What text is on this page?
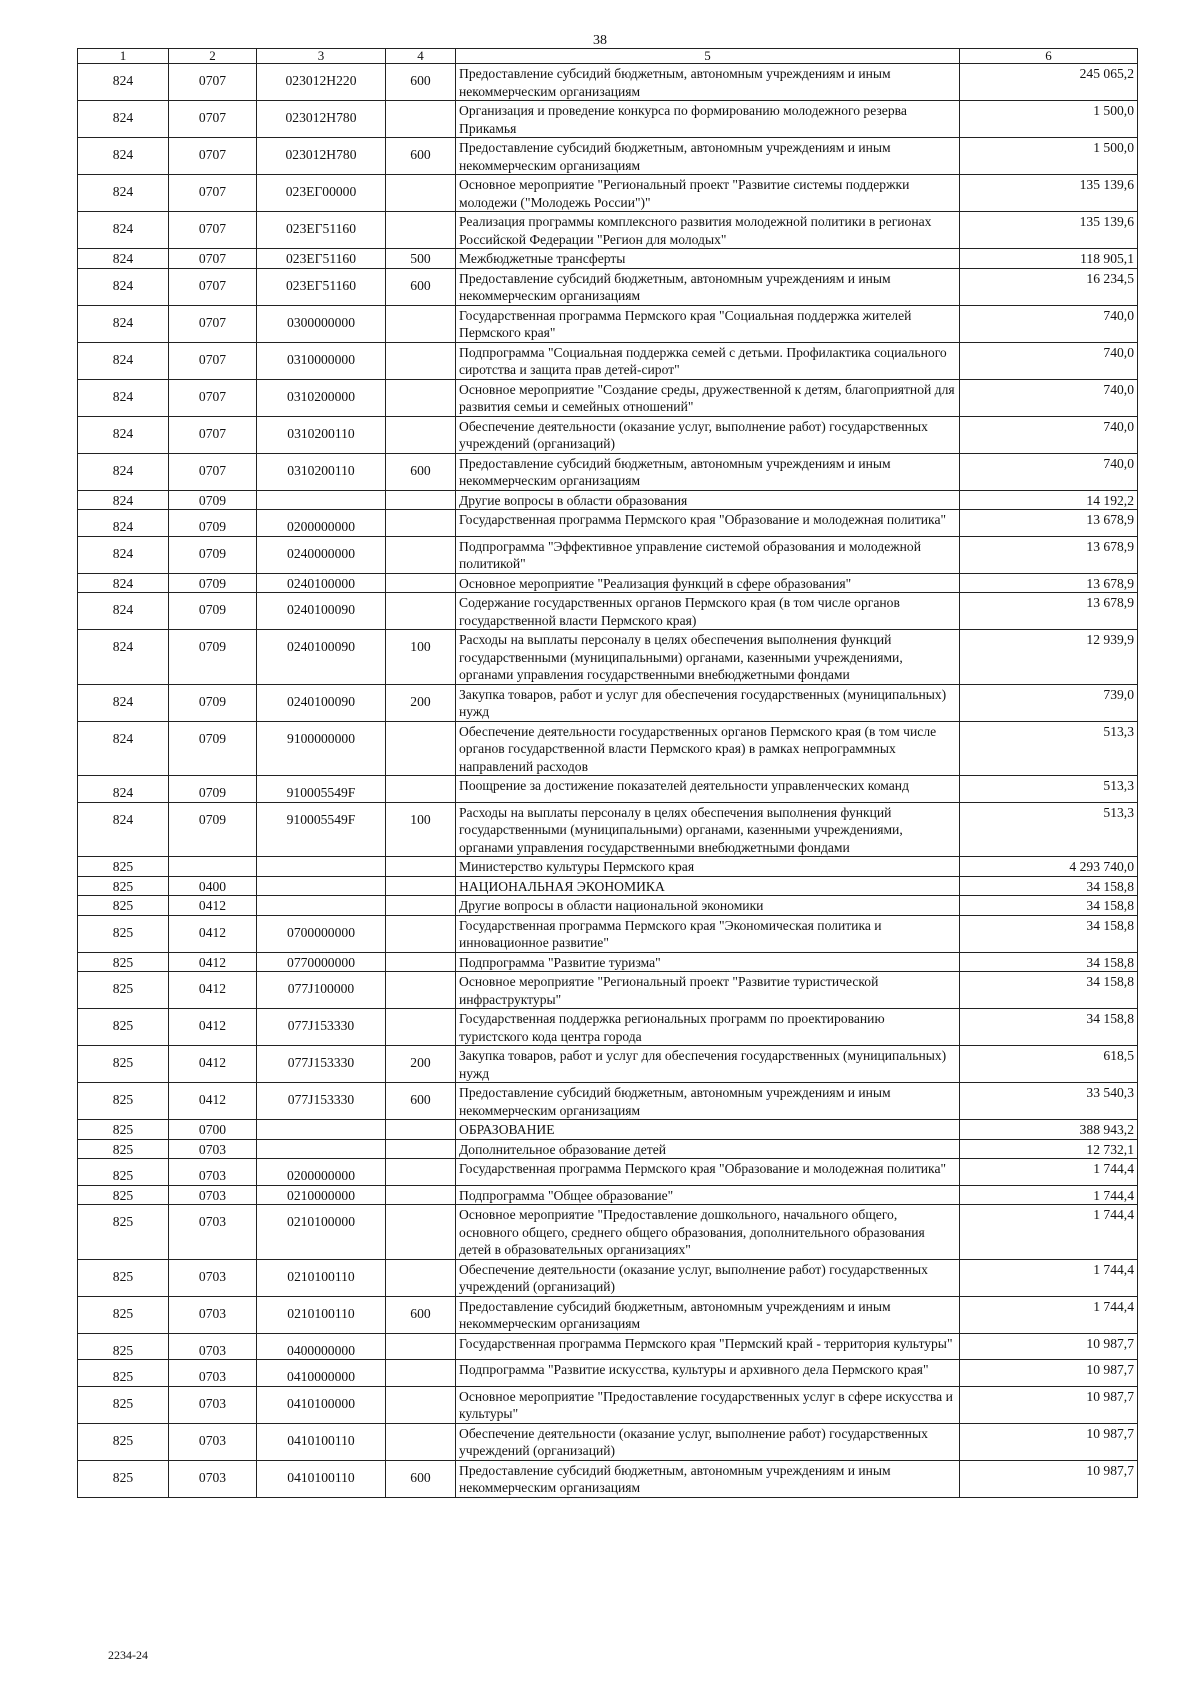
38
1	2	3	4	5	6
824	0707	023012Н220	600	Предоставление субсидий бюджетным, автономным учреждениям и иным некоммерческим организациям	245 065,2
824	0707	023012Н780		Организация и проведение конкурса по формированию молодежного резерва Прикамья	1 500,0
824	0707	023012Н780	600	Предоставление субсидий бюджетным, автономным учреждениям и иным некоммерческим организациям	1 500,0
824	0707	023ЕГ00000		Основное мероприятие "Региональный проект "Развитие системы поддержки молодежи ("Молодежь России")"	135 139,6
824	0707	023ЕГ51160		Реализация программы комплексного развития молодежной политики в регионах Российской Федерации "Регион для молодых"	135 139,6
824	0707	023ЕГ51160	500	Межбюджетные трансферты	118 905,1
824	0707	023ЕГ51160	600	Предоставление субсидий бюджетным, автономным учреждениям и иным некоммерческим организациям	16 234,5
824	0707	0300000000		Государственная программа Пермского края "Социальная поддержка жителей Пермского края"	740,0
824	0707	0310000000		Подпрограмма "Социальная поддержка семей с детьми. Профилактика социального сиротства и защита прав детей-сирот"	740,0
824	0707	0310200000		Основное мероприятие "Создание среды, дружественной к детям, благоприятной для развития семьи и семейных отношений"	740,0
824	0707	0310200110		Обеспечение деятельности (оказание услуг, выполнение работ) государственных учреждений (организаций)	740,0
824	0707	0310200110	600	Предоставление субсидий бюджетным, автономным учреждениям и иным некоммерческим организациям	740,0
824	0709			Другие вопросы в области образования	14 192,2
824	0709	0200000000		Государственная программа Пермского края "Образование и молодежная политика"	13 678,9
824	0709	0240000000		Подпрограмма "Эффективное управление системой образования и молодежной политикой"	13 678,9
824	0709	0240100000		Основное мероприятие "Реализация функций в сфере образования"	13 678,9
824	0709	0240100090		Содержание государственных органов Пермского края (в том числе органов государственной власти Пермского края)	13 678,9
824	0709	0240100090	100	Расходы на выплаты персоналу в целях обеспечения выполнения функций государственными (муниципальными) органами, казенными учреждениями, органами управления государственными внебюджетными фондами	12 939,9
824	0709	0240100090	200	Закупка товаров, работ и услуг для обеспечения государственных (муниципальных) нужд	739,0
824	0709	9100000000		Обеспечение деятельности государственных органов Пермского края (в том числе органов государственной власти Пермского края) в рамках непрограммных направлений расходов	513,3
824	0709	910005549F		Поощрение за достижение показателей деятельности управленческих команд	513,3
824	0709	910005549F	100	Расходы на выплаты персоналу в целях обеспечения выполнения функций государственными (муниципальными) органами, казенными учреждениями, органами управления государственными внебюджетными фондами	513,3
825				Министерство культуры Пермского края	4 293 740,0
825	0400			НАЦИОНАЛЬНАЯ ЭКОНОМИКА	34 158,8
825	0412			Другие вопросы в области национальной экономики	34 158,8
825	0412	0700000000		Государственная программа Пермского края "Экономическая политика и инновационное развитие"	34 158,8
825	0412	0770000000		Подпрограмма "Развитие туризма"	34 158,8
825	0412	077J100000		Основное мероприятие "Региональный проект "Развитие туристической инфраструктуры"	34 158,8
825	0412	077J153330		Государственная поддержка региональных программ по проектированию туристского кода центра города	34 158,8
825	0412	077J153330	200	Закупка товаров, работ и услуг для обеспечения государственных (муниципальных) нужд	618,5
825	0412	077J153330	600	Предоставление субсидий бюджетным, автономным учреждениям и иным некоммерческим организациям	33 540,3
825	0700			ОБРАЗОВАНИЕ	388 943,2
825	0703			Дополнительное образование детей	12 732,1
825	0703	0200000000		Государственная программа Пермского края "Образование и молодежная политика"	1 744,4
825	0703	0210000000		Подпрограмма "Общее образование"	1 744,4
825	0703	0210100000		Основное мероприятие "Предоставление дошкольного, начального общего, основного общего, среднего общего образования, дополнительного образования детей в образовательных организациях"	1 744,4
825	0703	0210100110		Обеспечение деятельности (оказание услуг, выполнение работ) государственных учреждений (организаций)	1 744,4
825	0703	0210100110	600	Предоставление субсидий бюджетным, автономным учреждениям и иным некоммерческим организациям	1 744,4
825	0703	0400000000		Государственная программа Пермского края "Пермский край - территория культуры"	10 987,7
825	0703	0410000000		Подпрограмма "Развитие искусства, культуры и архивного дела Пермского края"	10 987,7
825	0703	0410100000		Основное мероприятие "Предоставление государственных услуг в сфере искусства и культуры"	10 987,7
825	0703	0410100110		Обеспечение деятельности (оказание услуг, выполнение работ) государственных учреждений (организаций)	10 987,7
825	0703	0410100110	600	Предоставление субсидий бюджетным, автономным учреждениям и иным некоммерческим организациям	10 987,7
2234-24
